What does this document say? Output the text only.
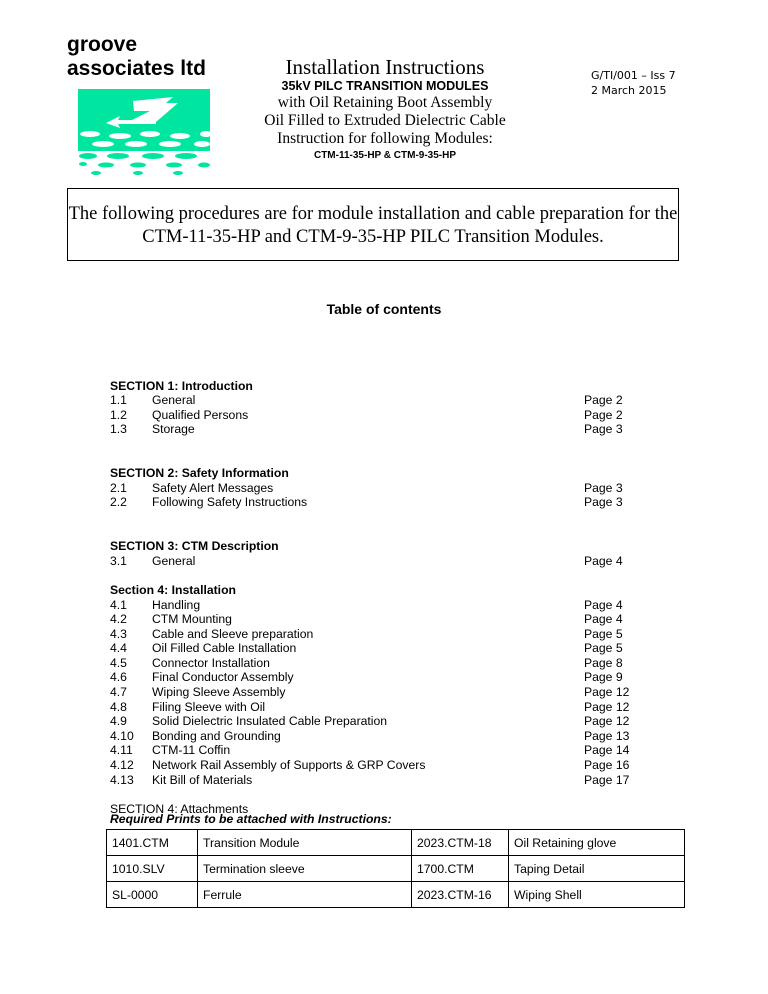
groove
associates ltd	Installation Instructions
35kV PILC TRANSITION MODULES
with Oil Retaining Boot Assembly
Oil Filled to Extruded Dielectric Cable
Instruction for following Modules:
CTM-11-35-HP & CTM-9-35-HP
G/TI/001 – Iss 7
2 March 2015
The following procedures are for module installation and cable preparation for the
CTM-11-35-HP and CTM-9-35-HP PILC Transition Modules.
Table of contents
SECTION 1: Introduction
1.1 General	Page 2
1.2 Qualified Persons	Page 2
1.3 Storage	Page 3
SECTION 2: Safety Information
2.1 Safety Alert Messages	Page 3
2.2 Following Safety Instructions	Page 3
SECTION 3: CTM Description
3.1 General	Page 4
Section 4: Installation
4.1 Handling	Page 4
4.2 CTM Mounting	Page 4
4.3 Cable and Sleeve preparation	Page 5
4.4 Oil Filled Cable Installation	Page 5
4.5 Connector Installation	Page 8
4.6 Final Conductor Assembly	Page 9
4.7 Wiping Sleeve Assembly	Page 12
4.8 Filing Sleeve with Oil	Page 12
4.9 Solid Dielectric Insulated Cable Preparation	Page 12
4.10 Bonding and Grounding	Page 13
4.11 CTM-11 Coffin	Page 14
4.12 Network Rail Assembly of Supports & GRP Covers	Page 16
4.13 Kit Bill of Materials	Page 17
SECTION 4: Attachments
Required Prints to be attached with Instructions:
1401.CTM	Transition Module	2023.CTM-18	Oil Retaining glove
1010.SLV	Termination sleeve	1700.CTM	Taping Detail
SL-0000	Ferrule	2023.CTM-16	Wiping Shell
